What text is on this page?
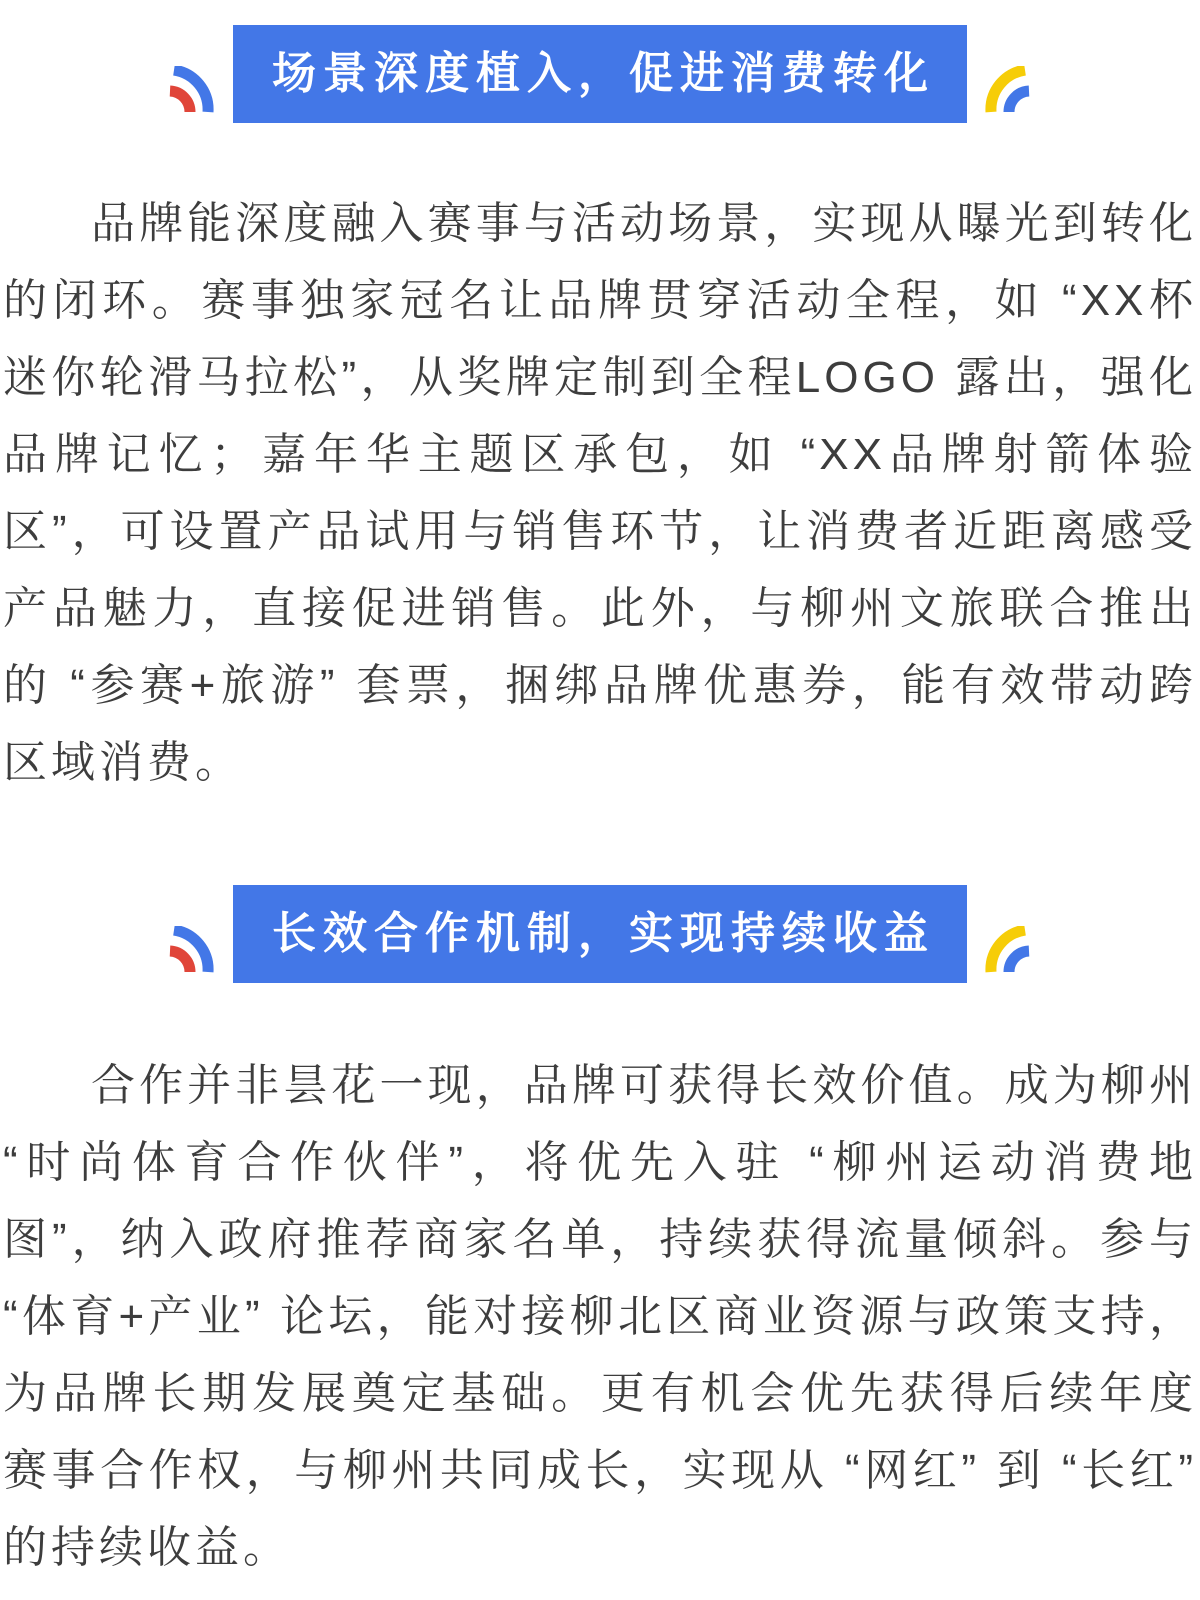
场景深度植入，促进消费转化

品牌能深度融入赛事与活动场景，实现从曝光到转化的闭环。赛事独家冠名让品牌贯穿活动全程，如 “XX杯迷你轮滑马拉松”，从奖牌定制到全程LOGO 露出，强化品牌记忆；嘉年华主题区承包，如 “XX品牌射箭体验区”，可设置产品试用与销售环节，让消费者近距离感受产品魅力，直接促进销售。此外，与柳州文旅联合推出的 “参赛+旅游” 套票，捆绑品牌优惠券，能有效带动跨区域消费。

长效合作机制，实现持续收益

合作并非昙花一现，品牌可获得长效价值。成为柳州 “时尚体育合作伙伴”，将优先入驻 “柳州运动消费地图”，纳入政府推荐商家名单，持续获得流量倾斜。参与 “体育+产业” 论坛，能对接柳北区商业资源与政策支持，为品牌长期发展奠定基础。更有机会优先获得后续年度赛事合作权，与柳州共同成长，实现从 “网红” 到 “长红” 的持续收益。
